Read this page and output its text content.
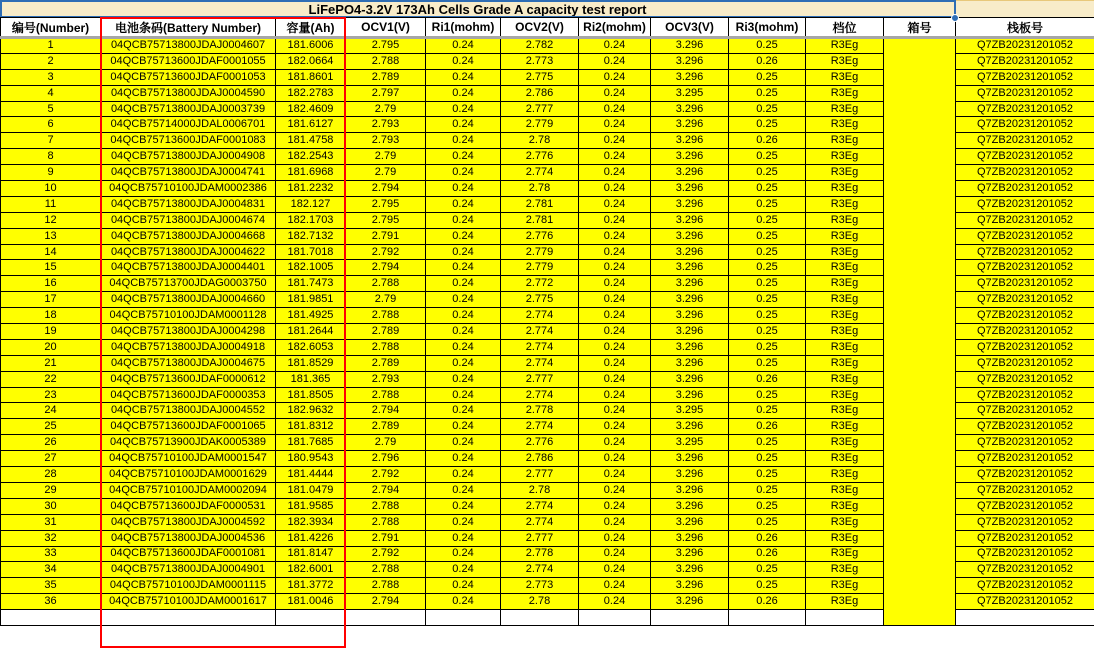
LiFePO4-3.2V 173Ah Cells Grade A capacity test report
编号(Number)	电池条码(Battery Number)	容量(Ah)	OCV1(V)	Ri1(mohm)	OCV2(V)	Ri2(mohm)	OCV3(V)	Ri3(mohm)	档位	箱号	栈板号
1	04QCB75713800JDAJ0004607	181.6006	2.795	0.24	2.782	0.24	3.296	0.25	R3Eg		Q7ZB20231201052
2	04QCB75713600JDAF0001055	182.0664	2.788	0.24	2.773	0.24	3.296	0.26	R3Eg		Q7ZB20231201052
3	04QCB75713600JDAF0001053	181.8601	2.789	0.24	2.775	0.24	3.296	0.25	R3Eg		Q7ZB20231201052
4	04QCB75713800JDAJ0004590	182.2783	2.797	0.24	2.786	0.24	3.295	0.25	R3Eg		Q7ZB20231201052
5	04QCB75713800JDAJ0003739	182.4609	2.79	0.24	2.777	0.24	3.296	0.25	R3Eg		Q7ZB20231201052
6	04QCB75714000JDAL0006701	181.6127	2.793	0.24	2.779	0.24	3.296	0.25	R3Eg		Q7ZB20231201052
7	04QCB75713600JDAF0001083	181.4758	2.793	0.24	2.78	0.24	3.296	0.26	R3Eg		Q7ZB20231201052
8	04QCB75713800JDAJ0004908	182.2543	2.79	0.24	2.776	0.24	3.296	0.25	R3Eg		Q7ZB20231201052
9	04QCB75713800JDAJ0004741	181.6968	2.79	0.24	2.774	0.24	3.296	0.25	R3Eg		Q7ZB20231201052
10	04QCB75710100JDAM0002386	181.2232	2.794	0.24	2.78	0.24	3.296	0.25	R3Eg		Q7ZB20231201052
11	04QCB75713800JDAJ0004831	182.127	2.795	0.24	2.781	0.24	3.296	0.25	R3Eg		Q7ZB20231201052
12	04QCB75713800JDAJ0004674	182.1703	2.795	0.24	2.781	0.24	3.296	0.25	R3Eg		Q7ZB20231201052
13	04QCB75713800JDAJ0004668	182.7132	2.791	0.24	2.776	0.24	3.296	0.25	R3Eg		Q7ZB20231201052
14	04QCB75713800JDAJ0004622	181.7018	2.792	0.24	2.779	0.24	3.296	0.25	R3Eg		Q7ZB20231201052
15	04QCB75713800JDAJ0004401	182.1005	2.794	0.24	2.779	0.24	3.296	0.25	R3Eg		Q7ZB20231201052
16	04QCB75713700JDAG0003750	181.7473	2.788	0.24	2.772	0.24	3.296	0.25	R3Eg		Q7ZB20231201052
17	04QCB75713800JDAJ0004660	181.9851	2.79	0.24	2.775	0.24	3.296	0.25	R3Eg		Q7ZB20231201052
18	04QCB75710100JDAM0001128	181.4925	2.788	0.24	2.774	0.24	3.296	0.25	R3Eg		Q7ZB20231201052
19	04QCB75713800JDAJ0004298	181.2644	2.789	0.24	2.774	0.24	3.296	0.25	R3Eg		Q7ZB20231201052
20	04QCB75713800JDAJ0004918	182.6053	2.788	0.24	2.774	0.24	3.296	0.25	R3Eg		Q7ZB20231201052
21	04QCB75713800JDAJ0004675	181.8529	2.789	0.24	2.774	0.24	3.296	0.25	R3Eg		Q7ZB20231201052
22	04QCB75713600JDAF0000612	181.365	2.793	0.24	2.777	0.24	3.296	0.26	R3Eg		Q7ZB20231201052
23	04QCB75713600JDAF0000353	181.8505	2.788	0.24	2.774	0.24	3.296	0.25	R3Eg		Q7ZB20231201052
24	04QCB75713800JDAJ0004552	182.9632	2.794	0.24	2.778	0.24	3.295	0.25	R3Eg		Q7ZB20231201052
25	04QCB75713600JDAF0001065	181.8312	2.789	0.24	2.774	0.24	3.296	0.26	R3Eg		Q7ZB20231201052
26	04QCB75713900JDAK0005389	181.7685	2.79	0.24	2.776	0.24	3.295	0.25	R3Eg		Q7ZB20231201052
27	04QCB75710100JDAM0001547	180.9543	2.796	0.24	2.786	0.24	3.296	0.25	R3Eg		Q7ZB20231201052
28	04QCB75710100JDAM0001629	181.4444	2.792	0.24	2.777	0.24	3.296	0.25	R3Eg		Q7ZB20231201052
29	04QCB75710100JDAM0002094	181.0479	2.794	0.24	2.78	0.24	3.296	0.25	R3Eg		Q7ZB20231201052
30	04QCB75713600JDAF0000531	181.9585	2.788	0.24	2.774	0.24	3.296	0.25	R3Eg		Q7ZB20231201052
31	04QCB75713800JDAJ0004592	182.3934	2.788	0.24	2.774	0.24	3.296	0.25	R3Eg		Q7ZB20231201052
32	04QCB75713800JDAJ0004536	181.4226	2.791	0.24	2.777	0.24	3.296	0.26	R3Eg		Q7ZB20231201052
33	04QCB75713600JDAF0001081	181.8147	2.792	0.24	2.778	0.24	3.296	0.26	R3Eg		Q7ZB20231201052
34	04QCB75713800JDAJ0004901	182.6001	2.788	0.24	2.774	0.24	3.296	0.25	R3Eg		Q7ZB20231201052
35	04QCB75710100JDAM0001115	181.3772	2.788	0.24	2.773	0.24	3.296	0.25	R3Eg		Q7ZB20231201052
36	04QCB75710100JDAM0001617	181.0046	2.794	0.24	2.78	0.24	3.296	0.26	R3Eg		Q7ZB20231201052
